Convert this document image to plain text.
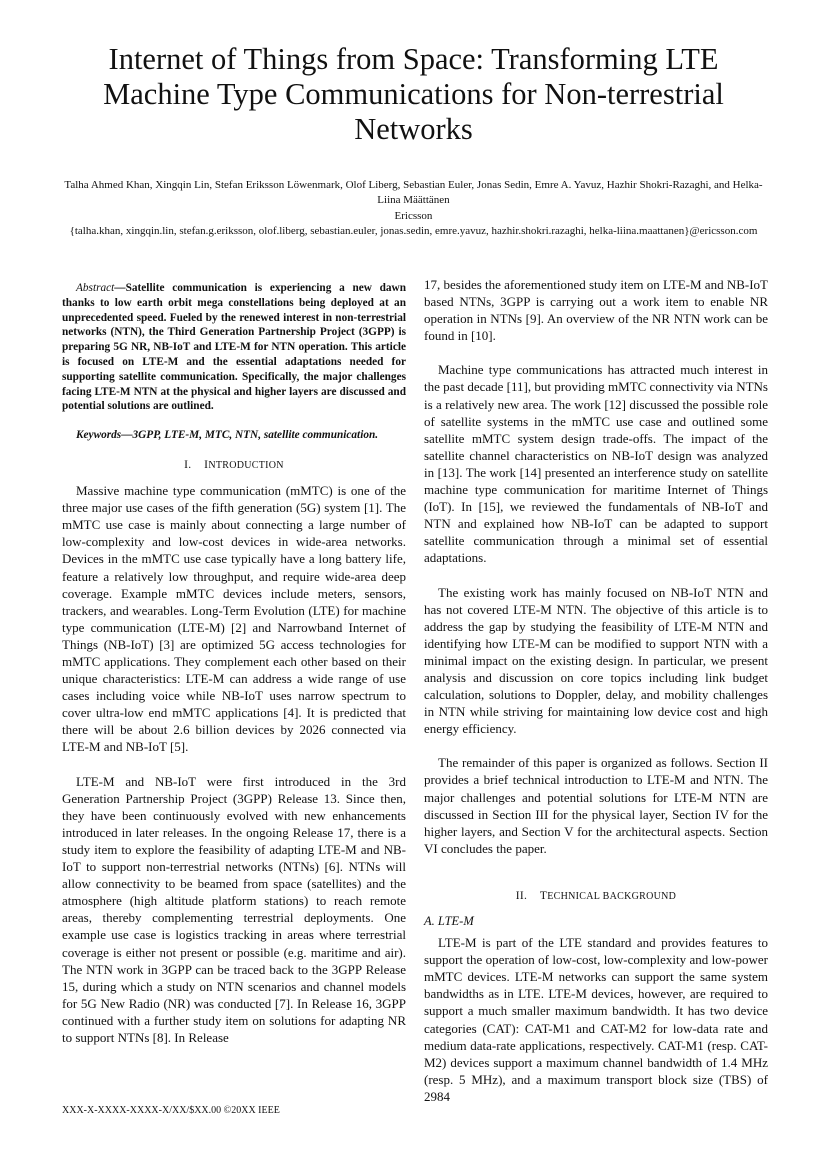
Internet of Things from Space: Transforming LTE Machine Type Communications for Non-terrestrial Networks

Talha Ahmed Khan, Xingqin Lin, Stefan Eriksson Löwenmark, Olof Liberg, Sebastian Euler, Jonas Sedin, Emre A. Yavuz, Hazhir Shokri-Razaghi, and Helka-Liina Määttänen

Ericsson

{talha.khan, xingqin.lin, stefan.g.eriksson, olof.liberg, sebastian.euler, jonas.sedin, emre.yavuz, hazhir.shokri.razaghi, helka-liina.maattanen}@ericsson.com

Abstract—Satellite communication is experiencing a new dawn thanks to low earth orbit mega constellations being deployed at an unprecedented speed. Fueled by the renewed interest in non-terrestrial networks (NTN), the Third Generation Partnership Project (3GPP) is preparing 5G NR, NB-IoT and LTE-M for NTN operation. This article is focused on LTE-M and the essential adaptations needed for supporting satellite communication. Specifically, the major challenges facing LTE-M NTN at the physical and higher layers are discussed and potential solutions are outlined.

Keywords—3GPP, LTE-M, MTC, NTN, satellite communication.

I. INTRODUCTION

Massive machine type communication (mMTC) is one of the three major use cases of the fifth generation (5G) system [1]. The mMTC use case is mainly about connecting a large number of low-complexity and low-cost devices in wide-area networks. Devices in the mMTC use case typically have a long battery life, feature a relatively low throughput, and require wide-area deep coverage. Example mMTC devices include meters, sensors, trackers, and wearables. Long-Term Evolution (LTE) for machine type communication (LTE-M) [2] and Narrowband Internet of Things (NB-IoT) [3] are optimized 5G access technologies for mMTC applications. They complement each other based on their unique characteristics: LTE-M can address a wide range of use cases including voice while NB-IoT uses narrow spectrum to cover ultra-low end mMTC applications [4]. It is predicted that there will be about 2.6 billion devices by 2026 connected via LTE-M and NB-IoT [5].

LTE-M and NB-IoT were first introduced in the 3rd Generation Partnership Project (3GPP) Release 13. Since then, they have been continuously evolved with new enhancements introduced in later releases. In the ongoing Release 17, there is a study item to explore the feasibility of adapting LTE-M and NB-IoT to support non-terrestrial networks (NTNs) [6]. NTNs will allow connectivity to be beamed from space (satellites) and the atmosphere (high altitude platform stations) to reach remote areas, thereby complementing terrestrial deployments. One example use case is logistics tracking in areas where terrestrial coverage is either not present or possible (e.g. maritime and air). The NTN work in 3GPP can be traced back to the 3GPP Release 15, during which a study on NTN scenarios and channel models for 5G New Radio (NR) was conducted [7]. In Release 16, 3GPP continued with a further study item on solutions for adapting NR to support NTNs [8]. In Release

17, besides the aforementioned study item on LTE-M and NB-IoT based NTNs, 3GPP is carrying out a work item to enable NR operation in NTNs [9]. An overview of the NR NTN work can be found in [10].

Machine type communications has attracted much interest in the past decade [11], but providing mMTC connectivity via NTNs is a relatively new area. The work [12] discussed the possible role of satellite systems in the mMTC use case and outlined some satellite mMTC system design trade-offs. The impact of the satellite channel characteristics on NB-IoT design was analyzed in [13]. The work [14] presented an interference study on satellite machine type communication for maritime Internet of Things (IoT). In [15], we reviewed the fundamentals of NB-IoT and NTN and explained how NB-IoT can be adapted to support satellite communication through a minimal set of essential adaptations.

The existing work has mainly focused on NB-IoT NTN and has not covered LTE-M NTN. The objective of this article is to address the gap by studying the feasibility of LTE-M NTN and identifying how LTE-M can be modified to support NTN with a minimal impact on the existing design. In particular, we present analysis and discussion on core topics including link budget calculation, solutions to Doppler, delay, and mobility challenges in NTN while striving for maintaining low device cost and high energy efficiency.

The remainder of this paper is organized as follows. Section II provides a brief technical introduction to LTE-M and NTN. The major challenges and potential solutions for LTE-M NTN are discussed in Section III for the physical layer, Section IV for the higher layers, and Section V for the architectural aspects. Section VI concludes the paper.

II. TECHNICAL BACKGROUND

A. LTE-M

LTE-M is part of the LTE standard and provides features to support the operation of low-cost, low-complexity and low-power mMTC devices. LTE-M networks can support the same system bandwidths as in LTE. LTE-M devices, however, are required to support a much smaller maximum bandwidth. It has two device categories (CAT): CAT-M1 and CAT-M2 for low-data rate and medium data-rate applications, respectively. CAT-M1 (resp. CAT-M2) devices support a maximum channel bandwidth of 1.4 MHz (resp. 5 MHz), and a maximum transport block size (TBS) of 2984

XXX-X-XXXX-XXXX-X/XX/$XX.00 ©20XX IEEE
